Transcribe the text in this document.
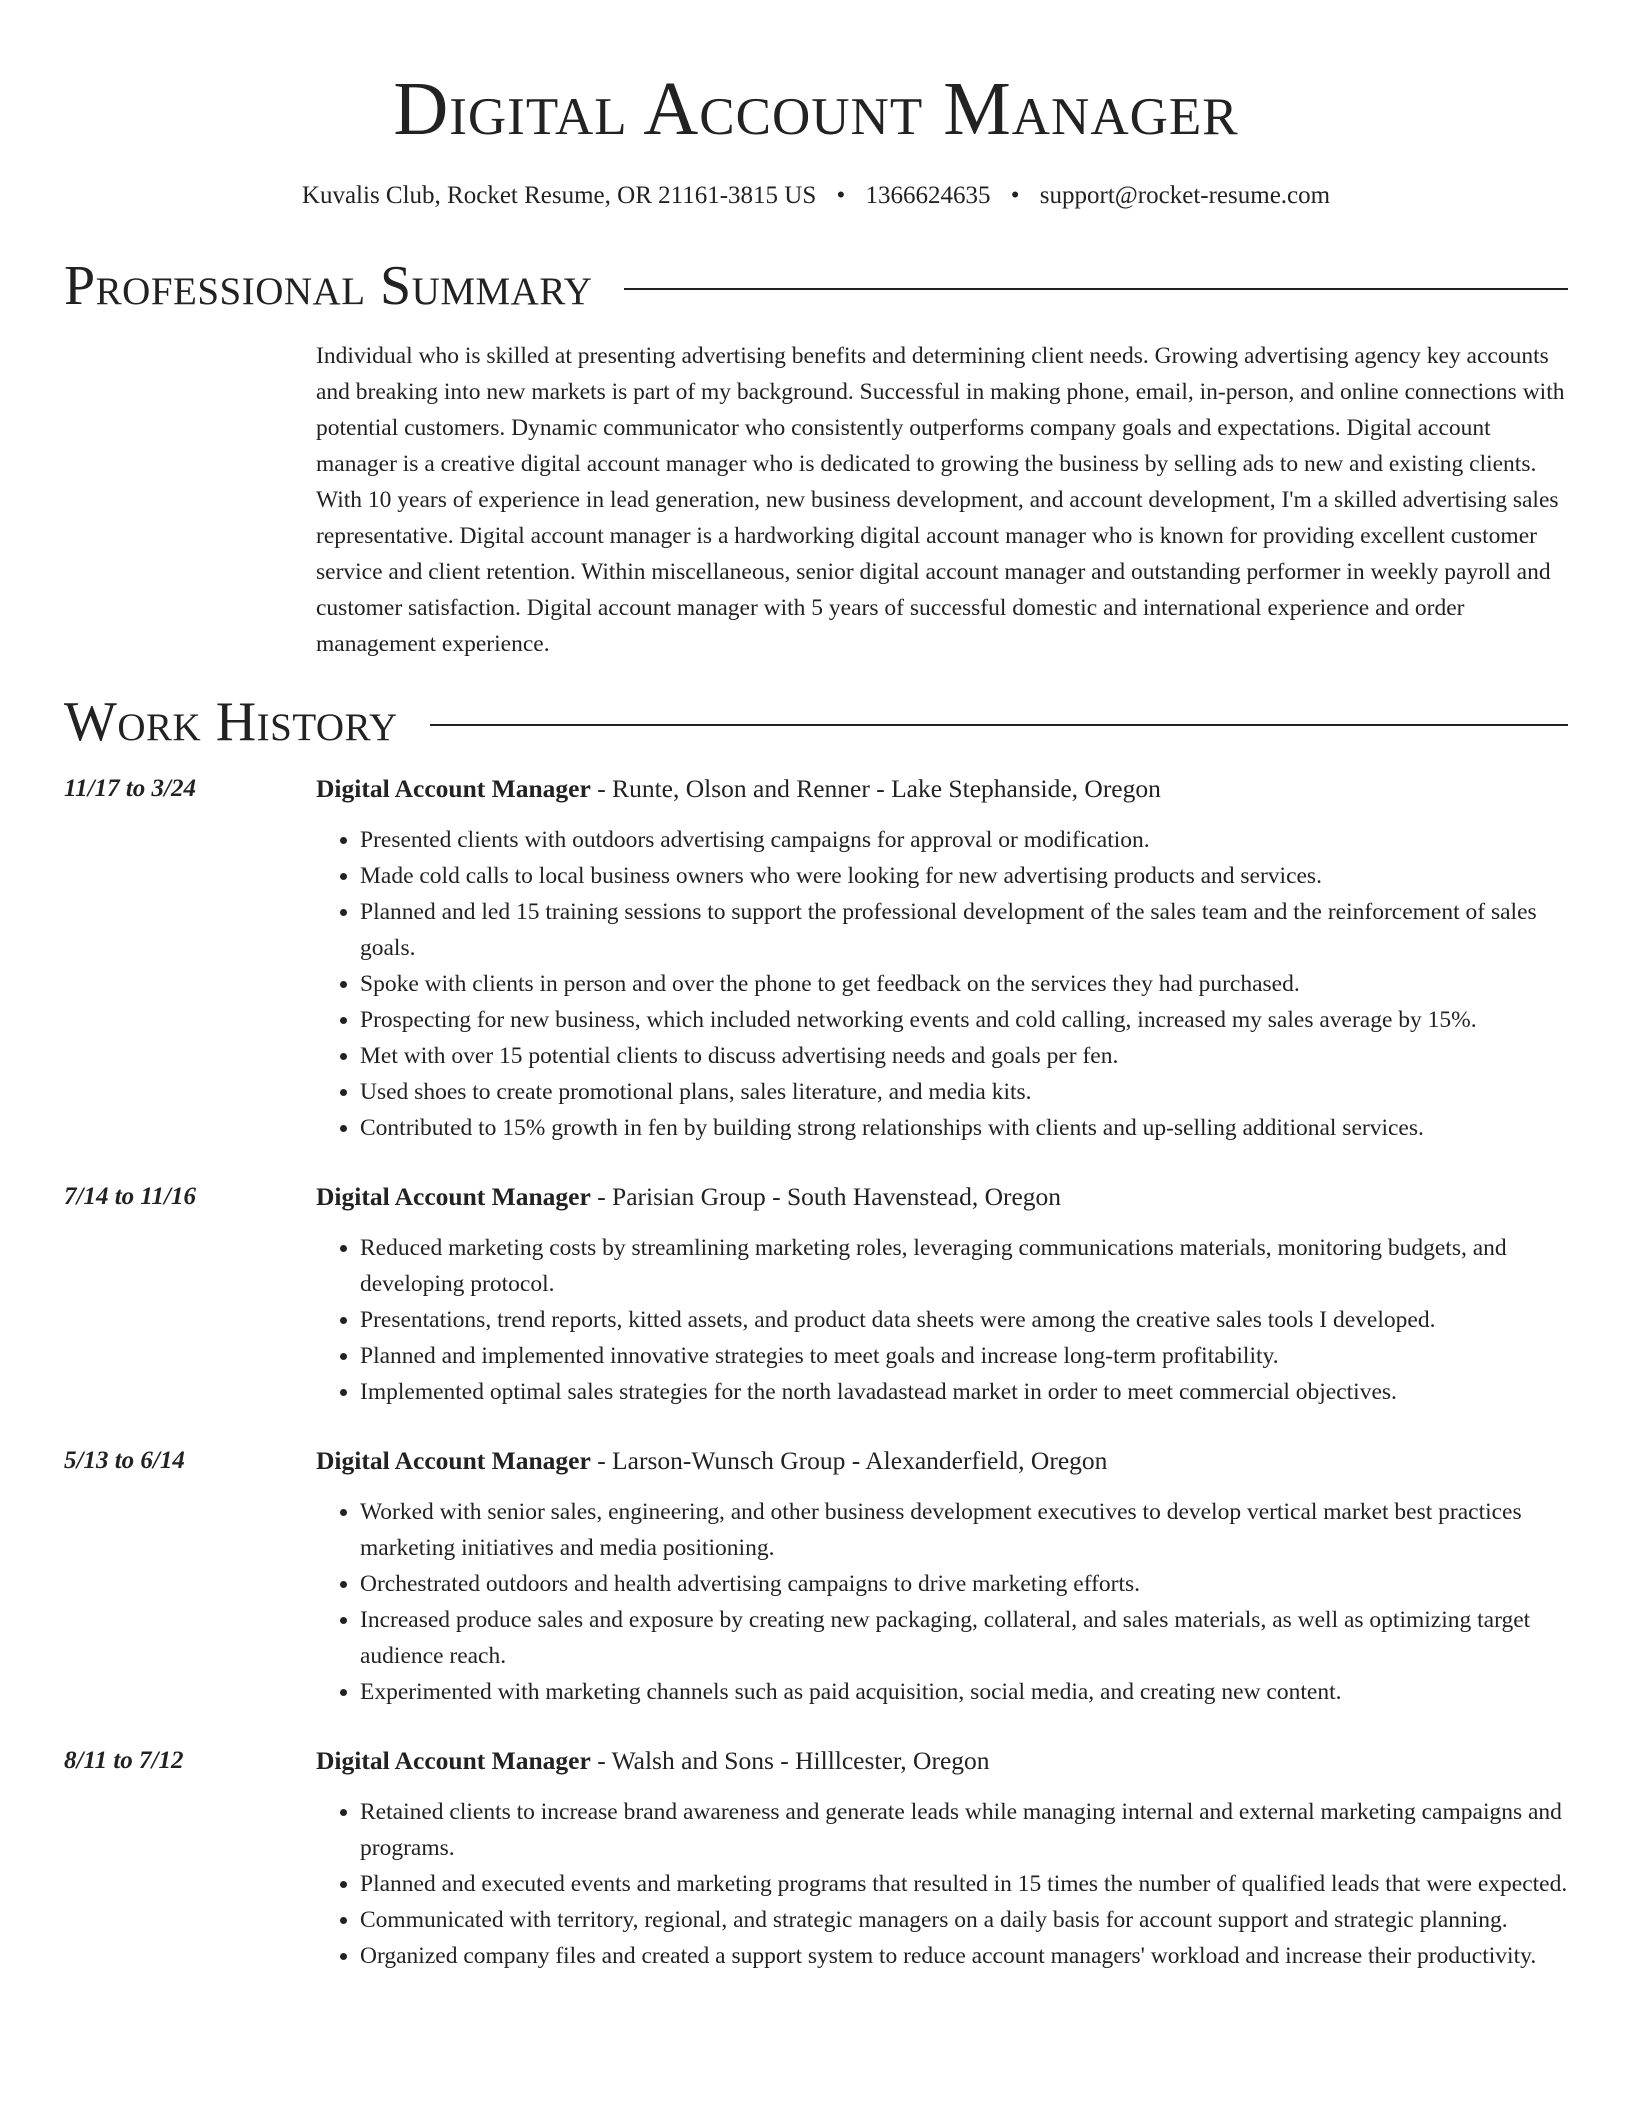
Digital Account Manager
Kuvalis Club, Rocket Resume, OR 21161-3815 US • 1366624635 • support@rocket-resume.com
Professional Summary
Individual who is skilled at presenting advertising benefits and determining client needs. Growing advertising agency key accounts and breaking into new markets is part of my background. Successful in making phone, email, in-person, and online connections with potential customers. Dynamic communicator who consistently outperforms company goals and expectations. Digital account manager is a creative digital account manager who is dedicated to growing the business by selling ads to new and existing clients. With 10 years of experience in lead generation, new business development, and account development, I'm a skilled advertising sales representative. Digital account manager is a hardworking digital account manager who is known for providing excellent customer service and client retention. Within miscellaneous, senior digital account manager and outstanding performer in weekly payroll and customer satisfaction. Digital account manager with 5 years of successful domestic and international experience and order management experience.
Work History
11/17 to 3/24	Digital Account Manager - Runte, Olson and Renner - Lake Stephanside, Oregon
• Presented clients with outdoors advertising campaigns for approval or modification.
• Made cold calls to local business owners who were looking for new advertising products and services.
• Planned and led 15 training sessions to support the professional development of the sales team and the reinforcement of sales goals.
• Spoke with clients in person and over the phone to get feedback on the services they had purchased.
• Prospecting for new business, which included networking events and cold calling, increased my sales average by 15%.
• Met with over 15 potential clients to discuss advertising needs and goals per fen.
• Used shoes to create promotional plans, sales literature, and media kits.
• Contributed to 15% growth in fen by building strong relationships with clients and up-selling additional services.
7/14 to 11/16	Digital Account Manager - Parisian Group - South Havenstead, Oregon
• Reduced marketing costs by streamlining marketing roles, leveraging communications materials, monitoring budgets, and developing protocol.
• Presentations, trend reports, kitted assets, and product data sheets were among the creative sales tools I developed.
• Planned and implemented innovative strategies to meet goals and increase long-term profitability.
• Implemented optimal sales strategies for the north lavadastead market in order to meet commercial objectives.
5/13 to 6/14	Digital Account Manager - Larson-Wunsch Group - Alexanderfield, Oregon
• Worked with senior sales, engineering, and other business development executives to develop vertical market best practices marketing initiatives and media positioning.
• Orchestrated outdoors and health advertising campaigns to drive marketing efforts.
• Increased produce sales and exposure by creating new packaging, collateral, and sales materials, as well as optimizing target audience reach.
• Experimented with marketing channels such as paid acquisition, social media, and creating new content.
8/11 to 7/12	Digital Account Manager - Walsh and Sons - Hilllcester, Oregon
• Retained clients to increase brand awareness and generate leads while managing internal and external marketing campaigns and programs.
• Planned and executed events and marketing programs that resulted in 15 times the number of qualified leads that were expected.
• Communicated with territory, regional, and strategic managers on a daily basis for account support and strategic planning.
• Organized company files and created a support system to reduce account managers' workload and increase their productivity.
